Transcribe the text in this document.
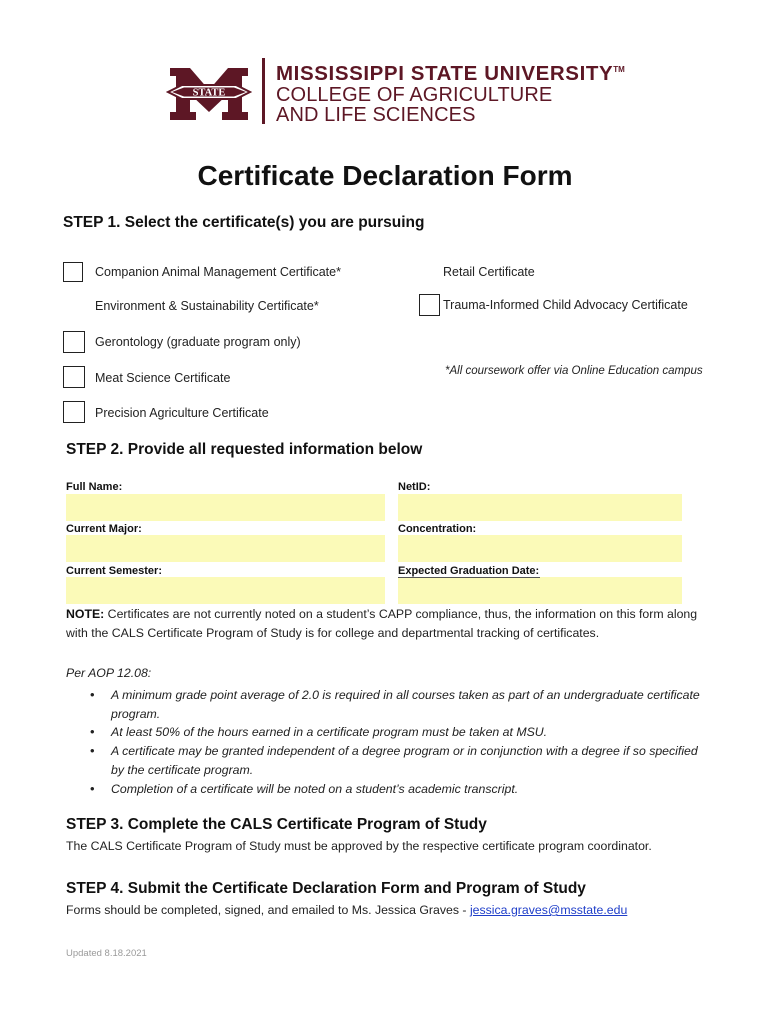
STATE
MISSISSIPPI STATE UNIVERSITY™
COLLEGE OF AGRICULTURE
AND LIFE SCIENCES
Certificate Declaration Form
STEP 1. Select the certificate(s) you are pursuing
Companion Animal Management Certificate*	Retail Certificate
Environment & Sustainability Certificate*	Trauma-Informed Child Advocacy Certificate
Gerontology (graduate program only)
*All coursework offer via Online Education campus
Meat Science Certificate
Precision Agriculture Certificate
STEP 2. Provide all requested information below
Full Name:	NetID:
Current Major:	Concentration:
Current Semester:	Expected Graduation Date:
NOTE: Certificates are not currently noted on a student’s CAPP compliance, thus, the information on this form along with the CALS Certificate Program of Study is for college and departmental tracking of certificates.
Per AOP 12.08:
• A minimum grade point average of 2.0 is required in all courses taken as part of an undergraduate certificate program.
• At least 50% of the hours earned in a certificate program must be taken at MSU.
• A certificate may be granted independent of a degree program or in conjunction with a degree if so specified by the certificate program.
• Completion of a certificate will be noted on a student’s academic transcript.
STEP 3. Complete the CALS Certificate Program of Study
The CALS Certificate Program of Study must be approved by the respective certificate program coordinator.
STEP 4. Submit the Certificate Declaration Form and Program of Study
Forms should be completed, signed, and emailed to Ms. Jessica Graves - jessica.graves@msstate.edu
Updated 8.18.2021
